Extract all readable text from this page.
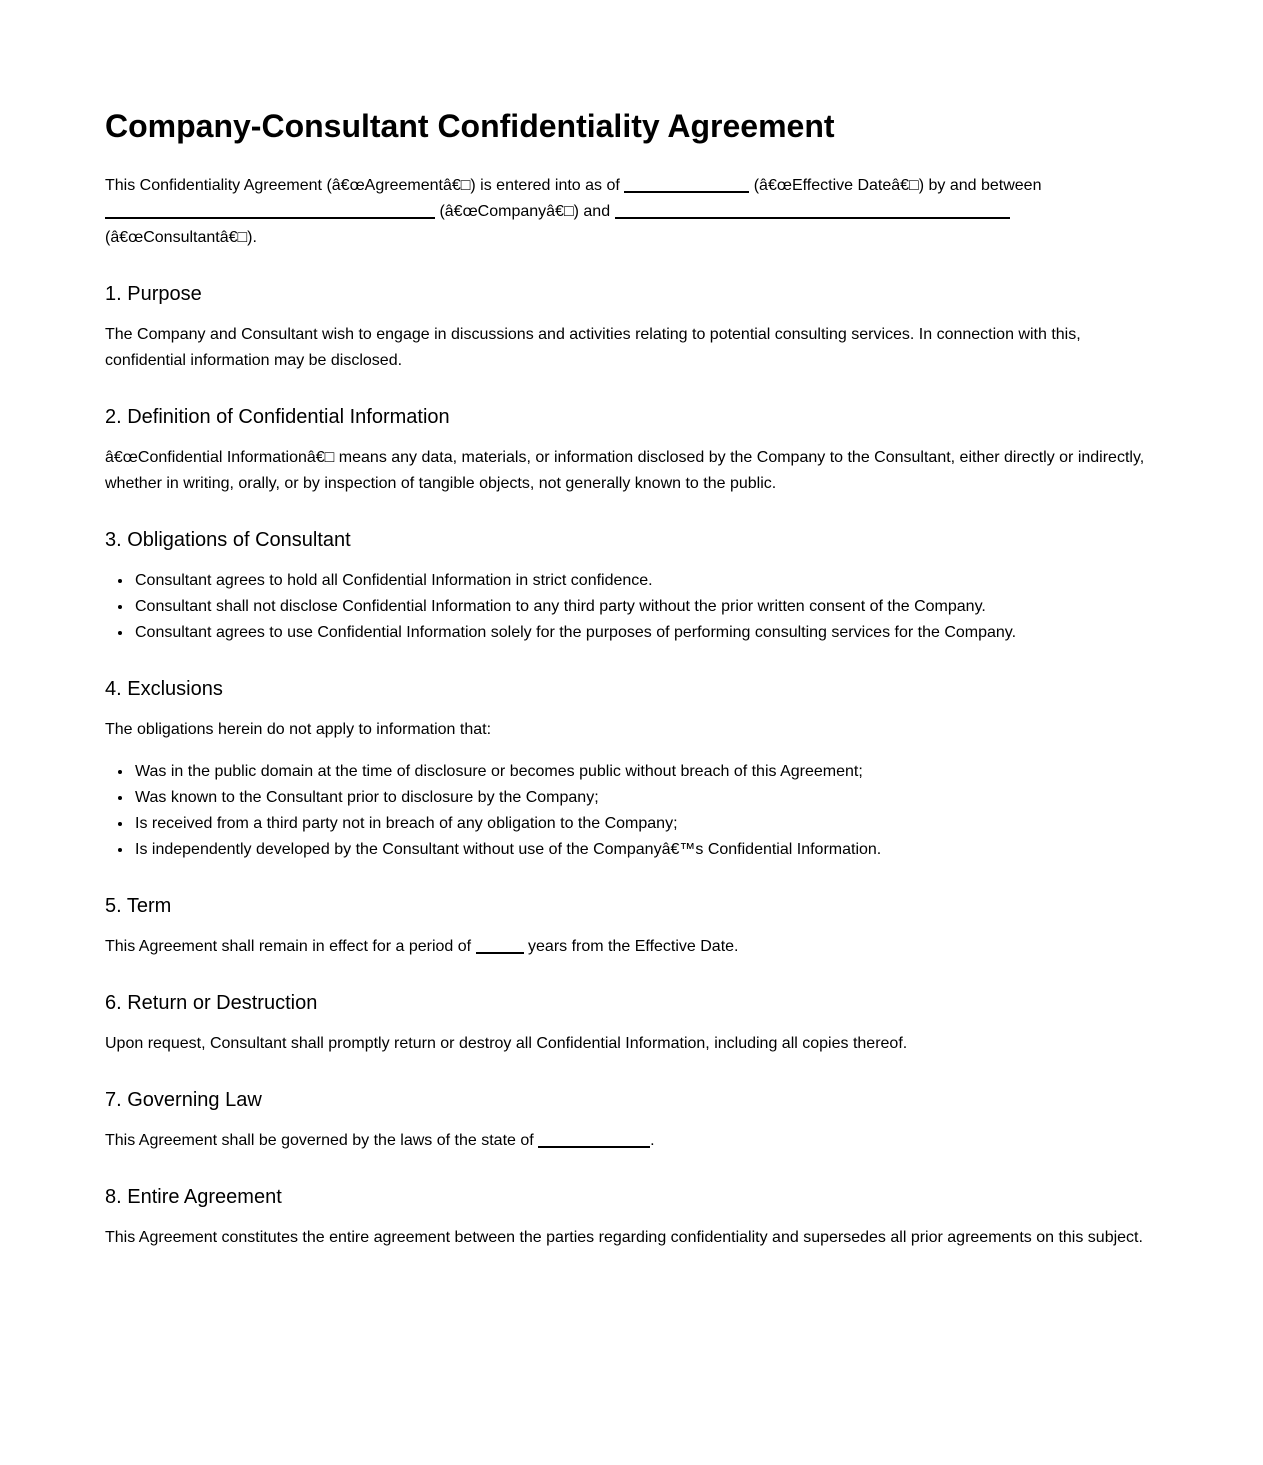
Company-Consultant Confidentiality Agreement

This Confidentiality Agreement (â€œAgreementâ€□) is entered into as of	(â€œEffective Dateâ€□) by and between  (â€œCompanyâ€□) and  (â€œConsultantâ€□).

1. Purpose

The Company and Consultant wish to engage in discussions and activities relating to potential consulting services. In connection with this, confidential information may be disclosed.

2. Definition of Confidential Information

â€œConfidential Informationâ€□ means any data, materials, or information disclosed by the Company to the Consultant, either directly or indirectly, whether in writing, orally, or by inspection of tangible objects, not generally known to the public.

3. Obligations of Consultant
• Consultant agrees to hold all Confidential Information in strict confidence.
• Consultant shall not disclose Confidential Information to any third party without the prior written consent of the Company.
• Consultant agrees to use Confidential Information solely for the purposes of performing consulting services for the Company.
4. Exclusions

The obligations herein do not apply to information that:

• Was in the public domain at the time of disclosure or becomes public without breach of this Agreement;
• Was known to the Consultant prior to disclosure by the Company;
• Is received from a third party not in breach of any obligation to the Company;
• Is independently developed by the Consultant without use of the Companyâ€™s Confidential Information.
5. Term

This Agreement shall remain in effect for a period of	years from the Effective Date.

6. Return or Destruction

Upon request, Consultant shall promptly return or destroy all Confidential Information, including all copies thereof.

7. Governing Law

This Agreement shall be governed by the laws of the state of	.

8. Entire Agreement

This Agreement constitutes the entire agreement between the parties regarding confidentiality and supersedes all prior agreements on this subject.
